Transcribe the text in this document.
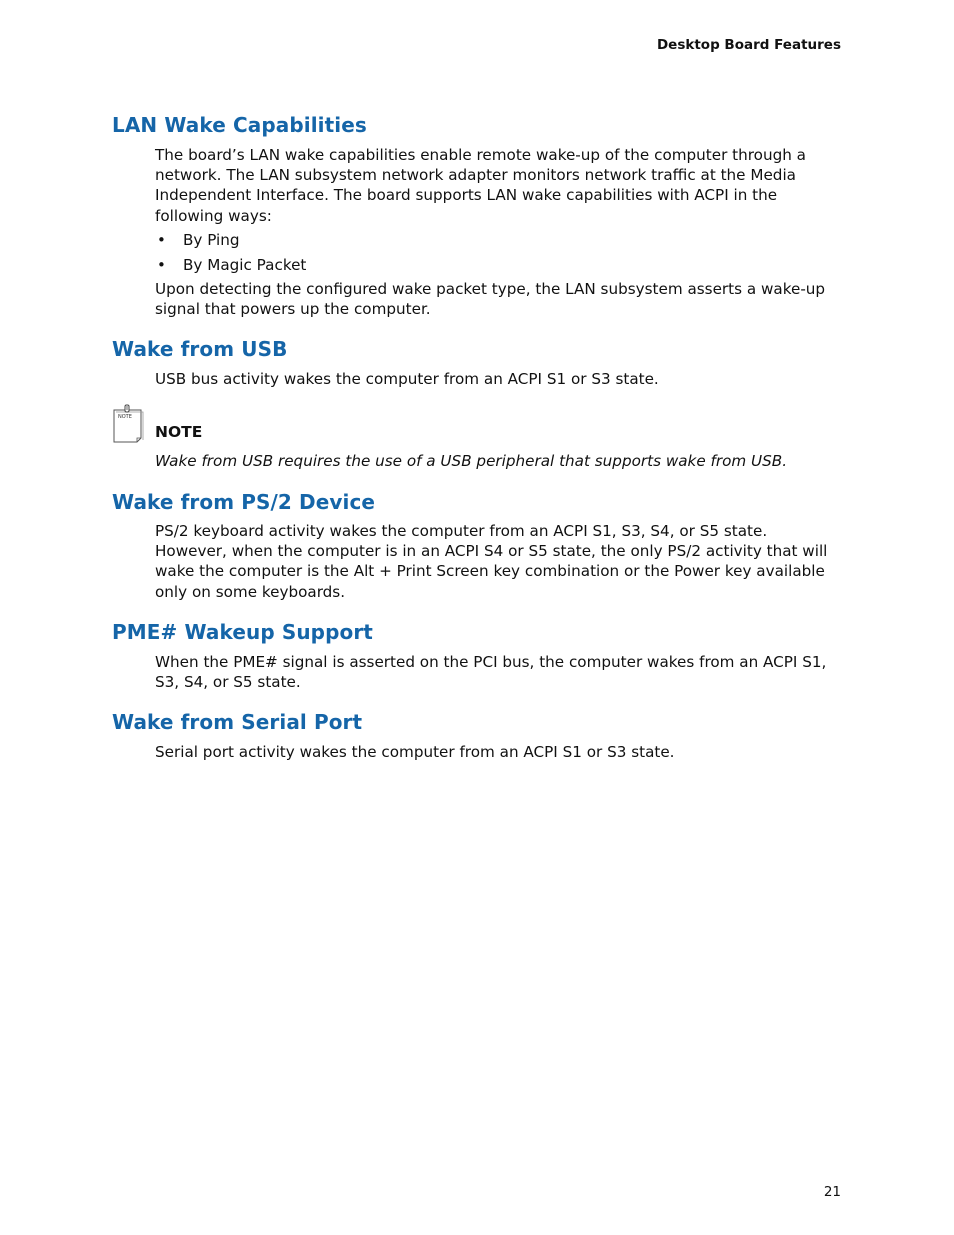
Desktop Board Features
LAN Wake Capabilities

The board’s LAN wake capabilities enable remote wake-up of the computer through a network. The LAN subsystem network adapter monitors network traffic at the Media Independent Interface. The board supports LAN wake capabilities with ACPI in the following ways:

• By Ping
• By Magic Packet

Upon detecting the configured wake packet type, the LAN subsystem asserts a wake-up signal that powers up the computer.

Wake from USB

USB bus activity wakes the computer from an ACPI S1 or S3 state.

NOTE
NOTE
Wake from USB requires the use of a USB peripheral that supports wake from USB.
Wake from PS/2 Device

PS/2 keyboard activity wakes the computer from an ACPI S1, S3, S4, or S5 state. However, when the computer is in an ACPI S4 or S5 state, the only PS/2 activity that will wake the computer is the Alt + Print Screen key combination or the Power key available only on some keyboards.

PME# Wakeup Support

When the PME# signal is asserted on the PCI bus, the computer wakes from an ACPI S1, S3, S4, or S5 state.

Wake from Serial Port

Serial port activity wakes the computer from an ACPI S1 or S3 state.

21
